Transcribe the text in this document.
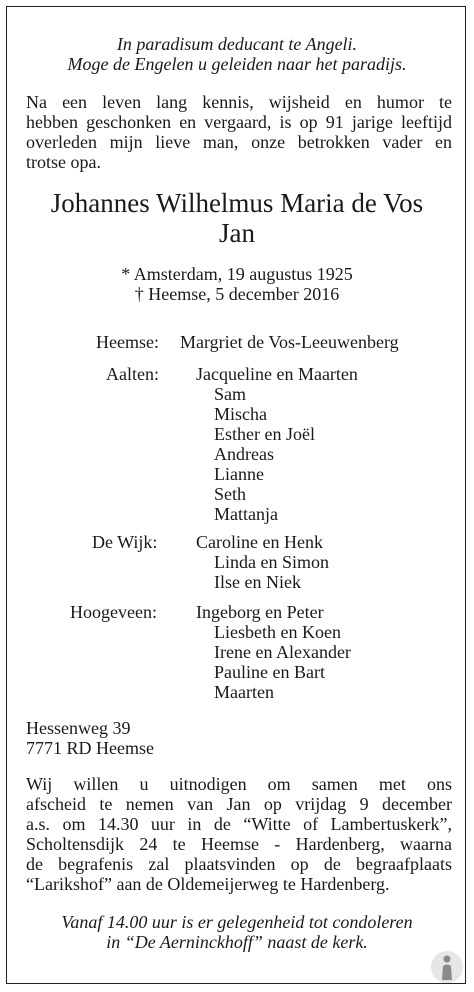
In paradisum deducant te Angeli.
Moge de Engelen u geleiden naar het paradijs.
Na een leven lang kennis, wijsheid en humor te
hebben geschonken en vergaard, is op 91 jarige leeftijd
overleden mijn lieve man, onze betrokken vader en
trotse opa.
Johannes Wilhelmus Maria de Vos
Jan
* Amsterdam, 19 augustus 1925
† Heemse, 5 december 2016
Heemse: Margriet de Vos-Leeuwenberg
Aalten: Jacqueline en Maarten
Sam
Mischa
Esther en Joël
Andreas
Lianne
Seth
Mattanja
De Wijk: Caroline en Henk
Linda en Simon
Ilse en Niek
Hoogeveen: Ingeborg en Peter
Liesbeth en Koen
Irene en Alexander
Pauline en Bart
Maarten
Hessenweg 39
7771 RD Heemse
Wij willen u uitnodigen om samen met ons
afscheid te nemen van Jan op vrijdag 9 december
a.s. om 14.30 uur in de “Witte of Lambertuskerk”,
Scholtensdijk 24 te Heemse - Hardenberg, waarna
de begrafenis zal plaatsvinden op de begraafplaats
“Larikshof” aan de Oldemeijerweg te Hardenberg.
Vanaf 14.00 uur is er gelegenheid tot condoleren
in “De Aerninckhoff” naast de kerk.
